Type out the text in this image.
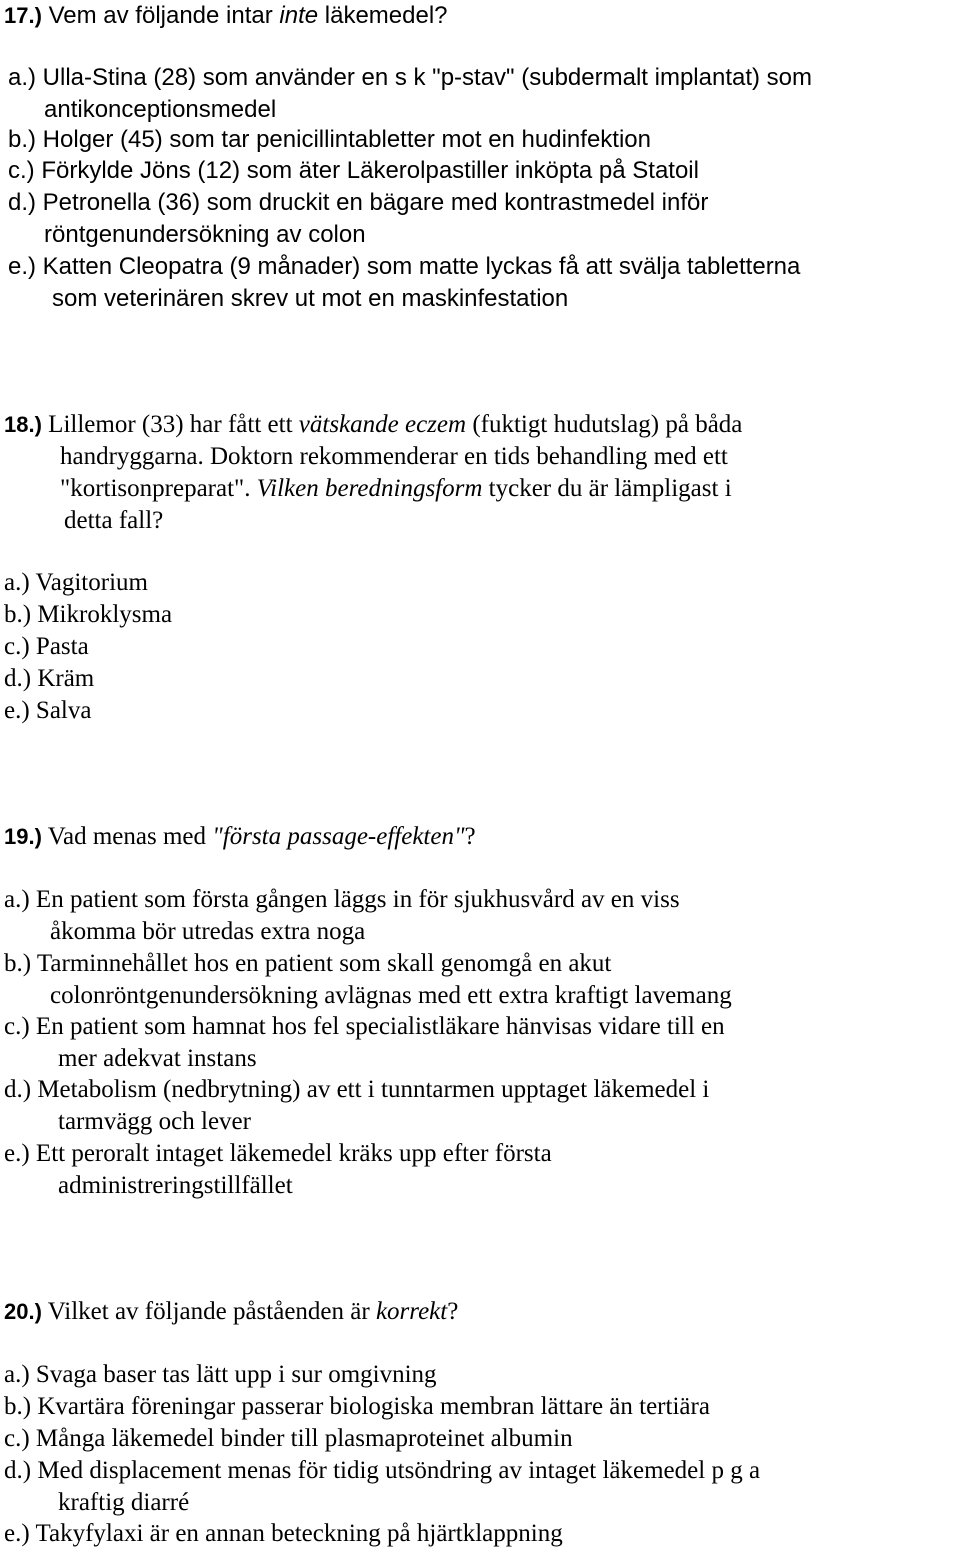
17.) Vem av följande intar inte läkemedel?
a.) Ulla-Stina (28) som använder en s k "p-stav" (subdermalt implantat) som
antikonceptionsmedel
b.) Holger (45) som tar penicillintabletter mot en hudinfektion
c.) Förkylde Jöns (12) som äter Läkerolpastiller inköpta på Statoil
d.) Petronella (36) som druckit en bägare med kontrastmedel inför
röntgenundersökning av colon
e.) Katten Cleopatra (9 månader) som matte lyckas få att svälja tabletterna
som veterinären skrev ut mot en maskinfestation
18.) Lillemor (33) har fått ett vätskande eczem (fuktigt hudutslag) på båda
handryggarna. Doktorn rekommenderar en tids behandling med ett
"kortisonpreparat". Vilken beredningsform tycker du är lämpligast i
detta fall?
a.) Vagitorium
b.) Mikroklysma
c.) Pasta
d.) Kräm
e.) Salva
19.) Vad menas med "första passage-effekten"?
a.) En patient som första gången läggs in för sjukhusvård av en viss
åkomma bör utredas extra noga
b.) Tarminnehållet hos en patient som skall genomgå en akut
colonröntgenundersökning avlägnas med ett extra kraftigt lavemang
c.) En patient som hamnat hos fel specialistläkare hänvisas vidare till en
mer adekvat instans
d.) Metabolism (nedbrytning) av ett i tunntarmen upptaget läkemedel i
tarmvägg och lever
e.) Ett peroralt intaget läkemedel kräks upp efter första
administreringstillfället
20.) Vilket av följande påståenden är korrekt?
a.) Svaga baser tas lätt upp i sur omgivning
b.) Kvartära föreningar passerar biologiska membran lättare än tertiära
c.) Många läkemedel binder till plasmaproteinet albumin
d.) Med displacement menas för tidig utsöndring av intaget läkemedel p g a
kraftig diarré
e.) Takyfylaxi är en annan beteckning på hjärtklappning
